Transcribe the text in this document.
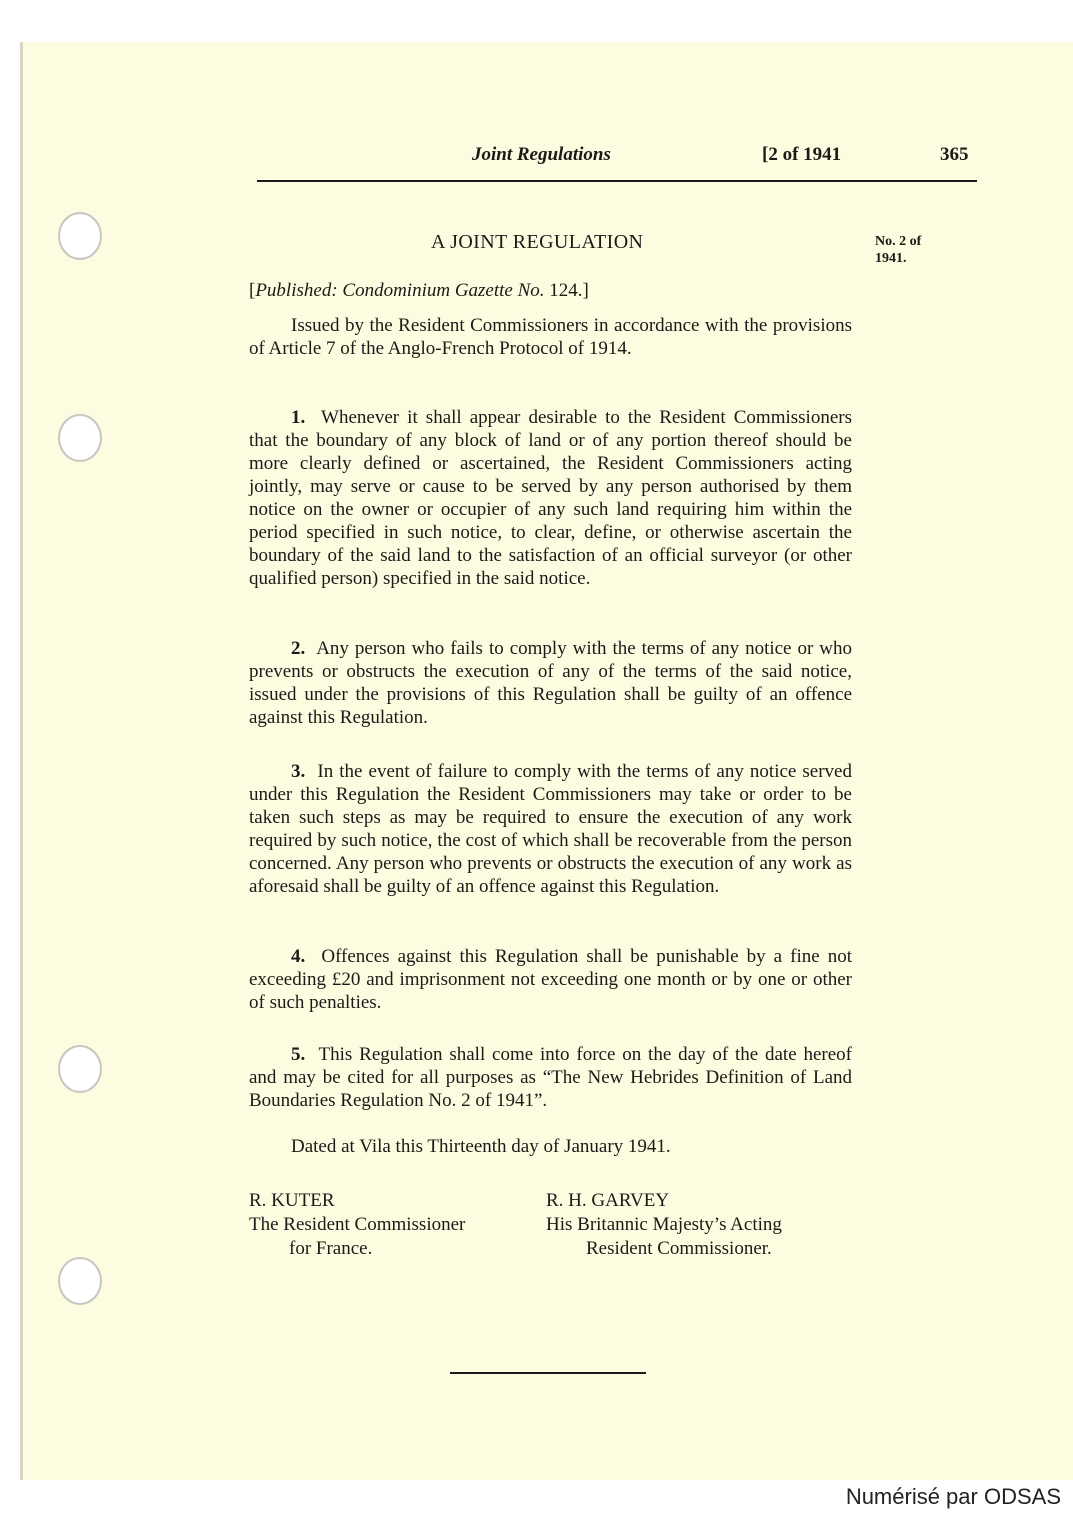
Joint Regulations	[2 of 1941	365
A JOINT REGULATION	No. 2 of
1941.
[Published: Condominium Gazette No. 124.]

Issued by the Resident Commissioners in accordance with the provisions of Article 7 of the Anglo-French Protocol of 1914.

1. Whenever it shall appear desirable to the Resident Commissioners that the boundary of any block of land or of any portion thereof should be more clearly defined or ascertained, the Resident Commissioners acting jointly, may serve or cause to be served by any person authorised by them notice on the owner or occupier of any such land requiring him within the period specified in such notice, to clear, define, or otherwise ascertain the boundary of the said land to the satisfaction of an official surveyor (or other qualified person) specified in the said notice.

2. Any person who fails to comply with the terms of any notice or who prevents or obstructs the execution of any of the terms of the said notice, issued under the provisions of this Regulation shall be guilty of an offence against this Regulation.

3. In the event of failure to comply with the terms of any notice served under this Regulation the Resident Commissioners may take or order to be taken such steps as may be required to ensure the execution of any work required by such notice, the cost of which shall be recoverable from the person concerned. Any person who prevents or obstructs the execution of any work as aforesaid shall be guilty of an offence against this Regulation.

4. Offences against this Regulation shall be punishable by a fine not exceeding £20 and imprisonment not exceeding one month or by one or other of such penalties.

5. This Regulation shall come into force on the day of the date hereof and may be cited for all purposes as “The New Hebrides Definition of Land Boundaries Regulation No. 2 of 1941”.

Dated at Vila this Thirteenth day of January 1941.

R. KUTER
The Resident Commissioner
for France.
R. H. GARVEY
His Britannic Majesty’s Acting
Resident Commissioner.
Numérisé par ODSAS
